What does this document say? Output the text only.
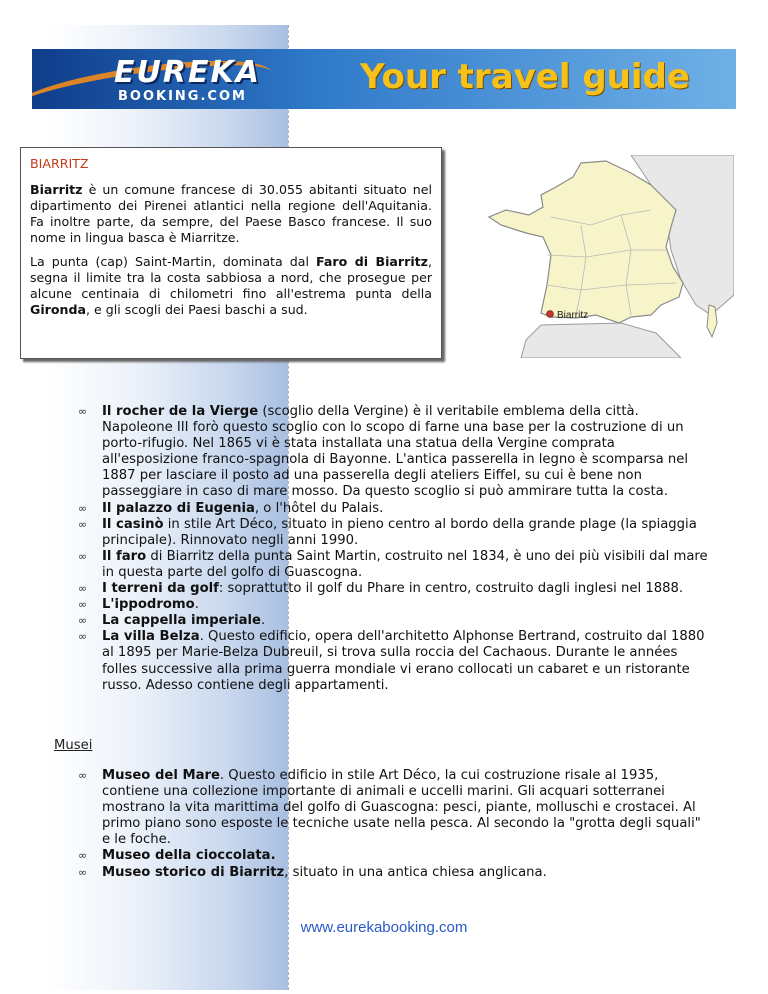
EUREKA
BOOKING.COM	Your travel guide
BIARRITZ

Biarritz è un comune francese di 30.055 abitanti situato nel dipartimento dei Pirenei atlantici nella regione dell'Aquitania. Fa inoltre parte, da sempre, del Paese Basco francese. Il suo nome in lingua basca è Miarritze.

La punta (cap) Saint-Martin, dominata dal Faro di Biarritz, segna il limite tra la costa sabbiosa a nord, che prosegue per alcune centinaia di chilometri fino all'estrema punta della Gironda, e gli scogli dei Paesi baschi a sud.	Biarritz
∞ Il rocher de la Vierge (scoglio della Vergine) è il veritabile emblema della città. Napoleone III forò questo scoglio con lo scopo di farne una base per la costruzione di un porto-rifugio. Nel 1865 vi è stata installata una statua della Vergine comprata all'esposizione franco-spagnola di Bayonne. L'antica passerella in legno è scomparsa nel 1887 per lasciare il posto ad una passerella degli ateliers Eiffel, su cui è bene non passeggiare in caso di mare mosso. Da questo scoglio si può ammirare tutta la costa.
∞ Il palazzo di Eugenia, o l'hôtel du Palais.
∞ Il casinò in stile Art Déco, situato in pieno centro al bordo della grande plage (la spiaggia principale). Rinnovato negli anni 1990.
∞ Il faro di Biarritz della punta Saint Martin, costruito nel 1834, è uno dei più visibili dal mare in questa parte del golfo di Guascogna.
∞ I terreni da golf: soprattutto il golf du Phare in centro, costruito dagli inglesi nel 1888.
∞ L'ippodromo.
∞ La cappella imperiale.
∞ La villa Belza. Questo edificio, opera dell'architetto Alphonse Bertrand, costruito dal 1880 al 1895 per Marie-Belza Dubreuil, si trova sulla roccia del Cachaous. Durante le années folles successive alla prima guerra mondiale vi erano collocati un cabaret e un ristorante russo. Adesso contiene degli appartamenti.
Musei
∞ Museo del Mare. Questo edificio in stile Art Déco, la cui costruzione risale al 1935, contiene una collezione importante di animali e uccelli marini. Gli acquari sotterranei mostrano la vita marittima del golfo di Guascogna: pesci, piante, molluschi e crostacei. Al primo piano sono esposte le tecniche usate nella pesca. Al secondo la "grotta degli squali" e le foche.
∞ Museo della cioccolata.
∞ Museo storico di Biarritz, situato in una antica chiesa anglicana.
www.eurekabooking.com
